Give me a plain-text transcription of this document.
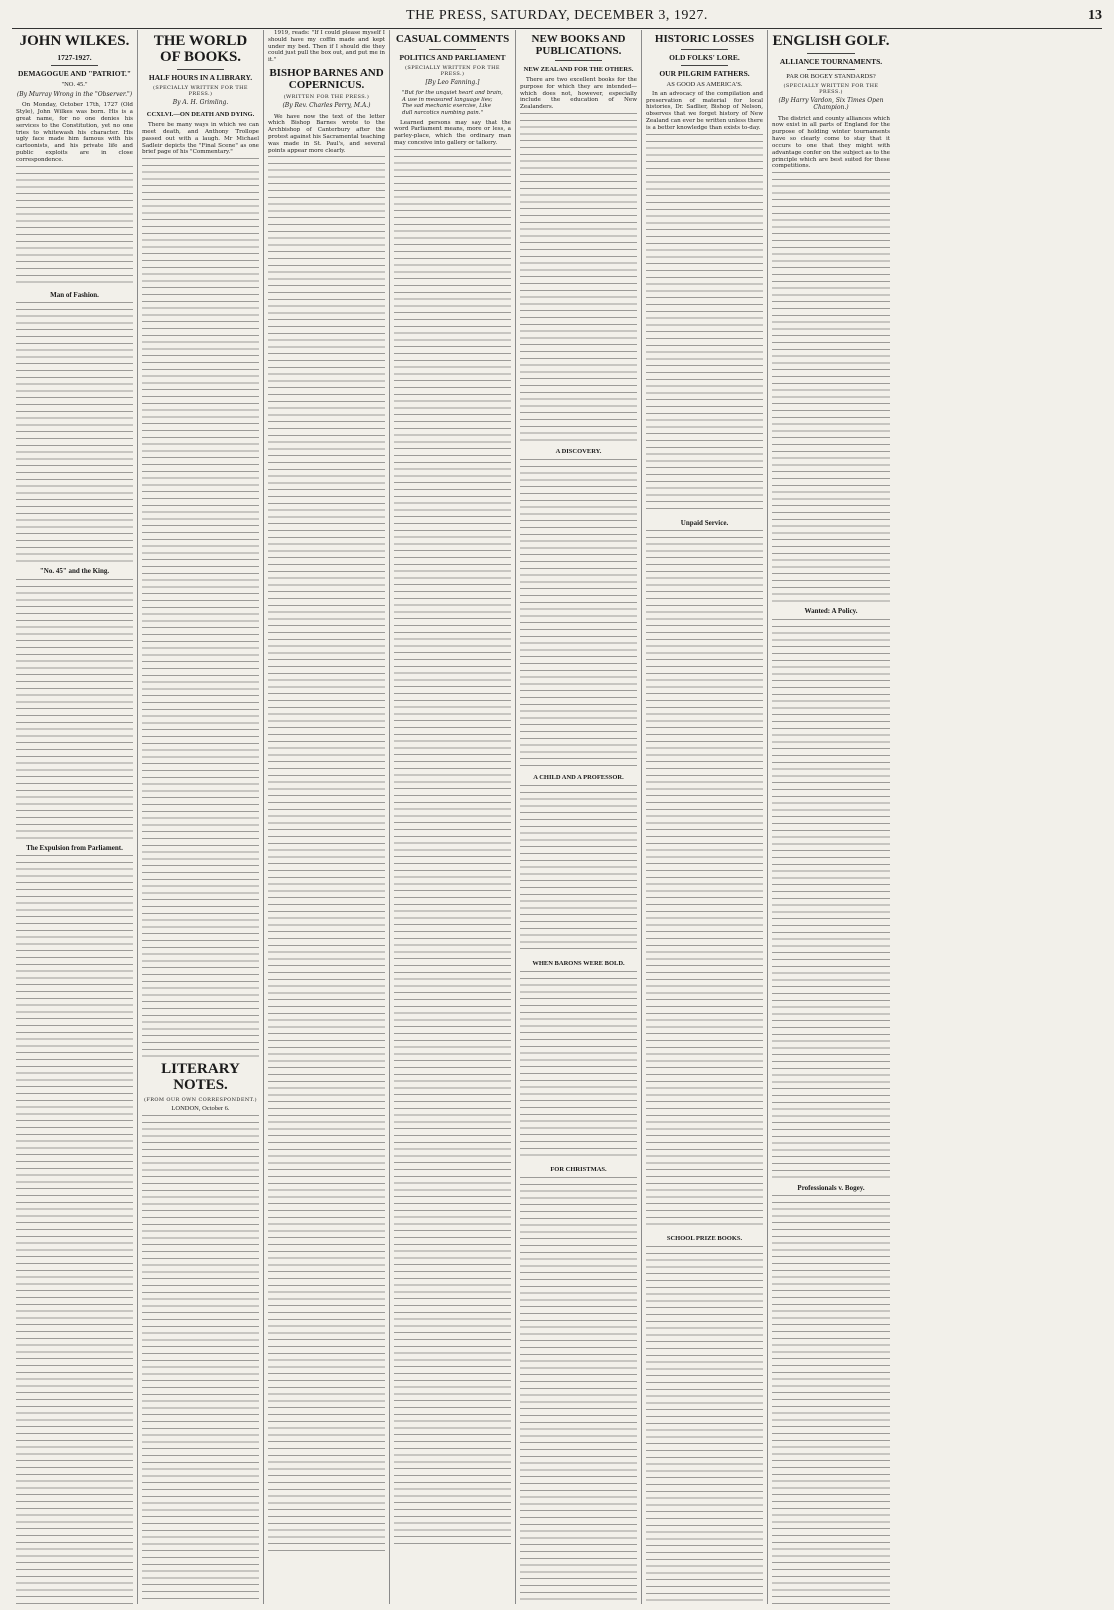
THE PRESS, SATURDAY, DECEMBER 3, 1927.	13
JOHN WILKES.
1727-1927.
DEMAGOGUE AND "PATRIOT."
"NO. 45."
(By Murray Wrong in the "Observer.")

On Monday, October 17th, 1727 (Old Style), John Wilkes was born. His is a great name, for no one denies his services to the Constitution, yet no one tries to whitewash his character. His ugly face made him famous with his cartoonists, and his private life and public exploits are in close correspondence.

Man of Fashion.
"No. 45" and the King.
The Expulsion from Parliament.
THE WORLD OF BOOKS.
HALF HOURS IN A LIBRARY.
(SPECIALLY WRITTEN FOR THE PRESS.)
By A. H. Grimling.
CCXLVI.—ON DEATH AND DYING.

There be many ways in which we can meet death, and Anthony Trollope passed out with a laugh. Mr Michael Sadleir depicts the "Final Scene" as one brief page of his "Commentary."

LITERARY NOTES.
(FROM OUR OWN CORRESPONDENT.)
LONDON, October 6.

1919, reads: "If I could please myself I should have my coffin made and kept under my bed. Then if I should die they could just pull the box out, and put me in it."

BISHOP BARNES AND COPERNICUS.
(WRITTEN FOR THE PRESS.)
(By Rev. Charles Perry, M.A.)

We have now the text of the letter which Bishop Barnes wrote to the Archbishop of Canterbury after the protest against his Sacramental teaching was made in St. Paul's, and several points appear more clearly.

CASUAL COMMENTS
POLITICS AND PARLIAMENT
(SPECIALLY WRITTEN FOR THE PRESS.)
[By Leo Fanning.]
"But for the unquiet heart and brain, A use in measured language lies; The sad mechanic exercise, Like dull narcotics numbing pain."

Learned persons may say that the word Parliament means, more or less, a parley-place, which the ordinary man may conceive into gallery or talkery.

NEW BOOKS AND PUBLICATIONS.
NEW ZEALAND FOR THE OTHERS.

There are two excellent books for the purpose for which they are intended—which does not, however, especially include the education of New Zealanders.

A DISCOVERY.
A CHILD AND A PROFESSOR.
WHEN BARONS WERE BOLD.
FOR CHRISTMAS.
HISTORIC LOSSES
OLD FOLKS' LORE.
OUR PILGRIM FATHERS.
AS GOOD AS AMERICA'S.

In an advocacy of the compilation and preservation of material for local histories, Dr. Sadlier, Bishop of Nelson, observes that we forget history of New Zealand can ever be written unless there is a better knowledge than exists to-day.

Unpaid Service.
SCHOOL PRIZE BOOKS.
ENGLISH GOLF.
ALLIANCE TOURNAMENTS.
PAR OR BOGEY STANDARDS?
(SPECIALLY WRITTEN FOR THE PRESS.)
(By Harry Vardon, Six Times Open Champion.)

The district and county alliances which now exist in all parts of England for the purpose of holding winter tournaments have so clearly come to stay that it occurs to one that they might with advantage confer on the subject as to the principle which are best suited for these competitions.

Wanted: A Policy.
Professionals v. Bogey.
